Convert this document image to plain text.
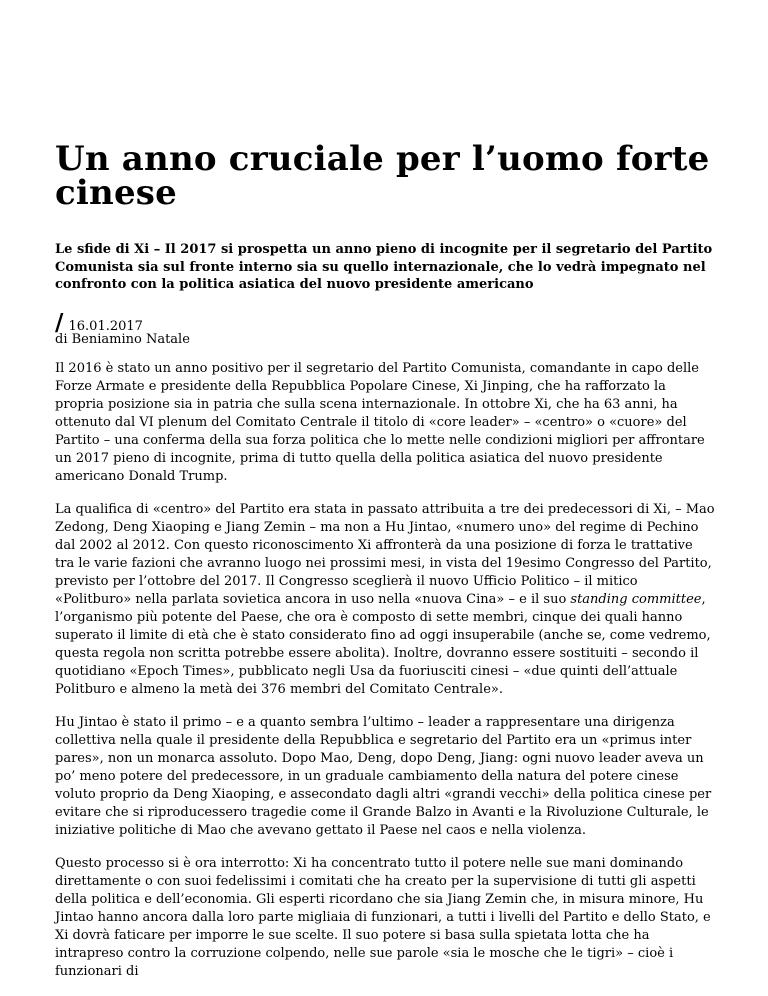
Un anno cruciale per l’uomo forte cinese
Le sfide di Xi – Il 2017 si prospetta un anno pieno di incognite per il segretario del Partito Comunista sia sul fronte interno sia su quello internazionale, che lo vedrà impegnato nel confronto con la politica asiatica del nuovo presidente americano
/ 16.01.2017
di Beniamino Natale

Il 2016 è stato un anno positivo per il segretario del Partito Comunista, comandante in capo delle Forze Armate e presidente della Repubblica Popolare Cinese, Xi Jinping, che ha rafforzato la propria posizione sia in patria che sulla scena internazionale. In ottobre Xi, che ha 63 anni, ha ottenuto dal VI plenum del Comitato Centrale il titolo di «core leader» – «centro» o «cuore» del Partito – una conferma della sua forza politica che lo mette nelle condizioni migliori per affrontare un 2017 pieno di incognite, prima di tutto quella della politica asiatica del nuovo presidente americano Donald Trump.

La qualifica di «centro» del Partito era stata in passato attribuita a tre dei predecessori di Xi, – Mao Zedong, Deng Xiaoping e Jiang Zemin – ma non a Hu Jintao, «numero uno» del regime di Pechino dal 2002 al 2012. Con questo riconoscimento Xi affronterà da una posizione di forza le trattative tra le varie fazioni che avranno luogo nei prossimi mesi, in vista del 19esimo Congresso del Partito, previsto per l’ottobre del 2017. Il Congresso sceglierà il nuovo Ufficio Politico – il mitico «Politburo» nella parlata sovietica ancora in uso nella «nuova Cina» – e il suo standing committee, l’organismo più potente del Paese, che ora è composto di sette membri, cinque dei quali hanno superato il limite di età che è stato considerato fino ad oggi insuperabile (anche se, come vedremo, questa regola non scritta potrebbe essere abolita). Inoltre, dovranno essere sostituiti – secondo il quotidiano «Epoch Times», pubblicato negli Usa da fuoriusciti cinesi – «due quinti dell’attuale Politburo e almeno la metà dei 376 membri del Comitato Centrale».

Hu Jintao è stato il primo – e a quanto sembra l’ultimo – leader a rappresentare una dirigenza collettiva nella quale il presidente della Repubblica e segretario del Partito era un «primus inter pares», non un monarca assoluto. Dopo Mao, Deng, dopo Deng, Jiang: ogni nuovo leader aveva un po’ meno potere del predecessore, in un graduale cambiamento della natura del potere cinese voluto proprio da Deng Xiaoping, e assecondato dagli altri «grandi vecchi» della politica cinese per evitare che si riproducessero tragedie come il Grande Balzo in Avanti e la Rivoluzione Culturale, le iniziative politiche di Mao che avevano gettato il Paese nel caos e nella violenza.

Questo processo si è ora interrotto: Xi ha concentrato tutto il potere nelle sue mani dominando direttamente o con suoi fedelissimi i comitati che ha creato per la supervisione di tutti gli aspetti della politica e dell’economia. Gli esperti ricordano che sia Jiang Zemin che, in misura minore, Hu Jintao hanno ancora dalla loro parte migliaia di funzionari, a tutti i livelli del Partito e dello Stato, e Xi dovrà faticare per imporre le sue scelte. Il suo potere si basa sulla spietata lotta che ha intrapreso contro la corruzione colpendo, nelle sue parole «sia le mosche che le tigri» – cioè i funzionari di
